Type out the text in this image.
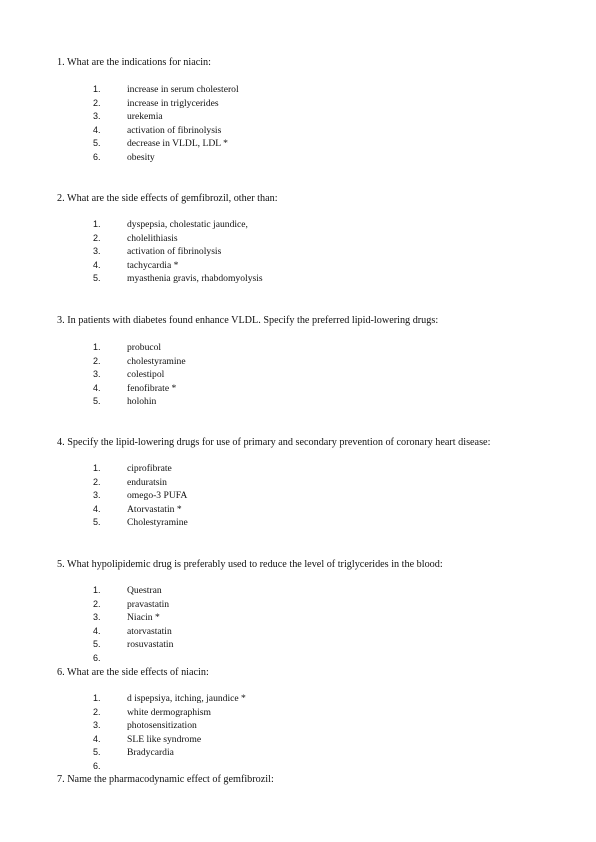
1. What are the indications for niacin:
1.	increase in serum cholesterol
2.	increase in triglycerides
3.	urekemia
4.	activation of fibrinolysis
5.	decrease in VLDL, LDL *
6.	obesity
2. What are the side effects of gemfibrozil, other than:
1.	dyspepsia, cholestatic jaundice,
2.	cholelithiasis
3.	activation of fibrinolysis
4.	tachycardia *
5.	myasthenia gravis, rhabdomyolysis
3. In patients with diabetes found enhance VLDL. Specify the preferred lipid-lowering drugs:
1.	probucol
2.	cholestyramine
3.	colestipol
4.	fenofibrate *
5.	holohin
4. Specify the lipid-lowering drugs for use of primary and secondary prevention of coronary heart disease:
1.	ciprofibrate
2.	enduratsin
3.	omego-3 PUFA
4.	Atorvastatin *
5.	Cholestyramine
5. What hypolipidemic drug is preferably used to reduce the level of triglycerides in the blood:
1.	Questran
2.	pravastatin
3.	Niacin *
4.	atorvastatin
5.	rosuvastatin
6.
6. What are the side effects of niacin:
1.	d ispepsiya, itching, jaundice *
2.	white dermographism
3.	photosensitization
4.	SLE like syndrome
5.	Bradycardia
6.
7. Name the pharmacodynamic effect of gemfibrozil:
